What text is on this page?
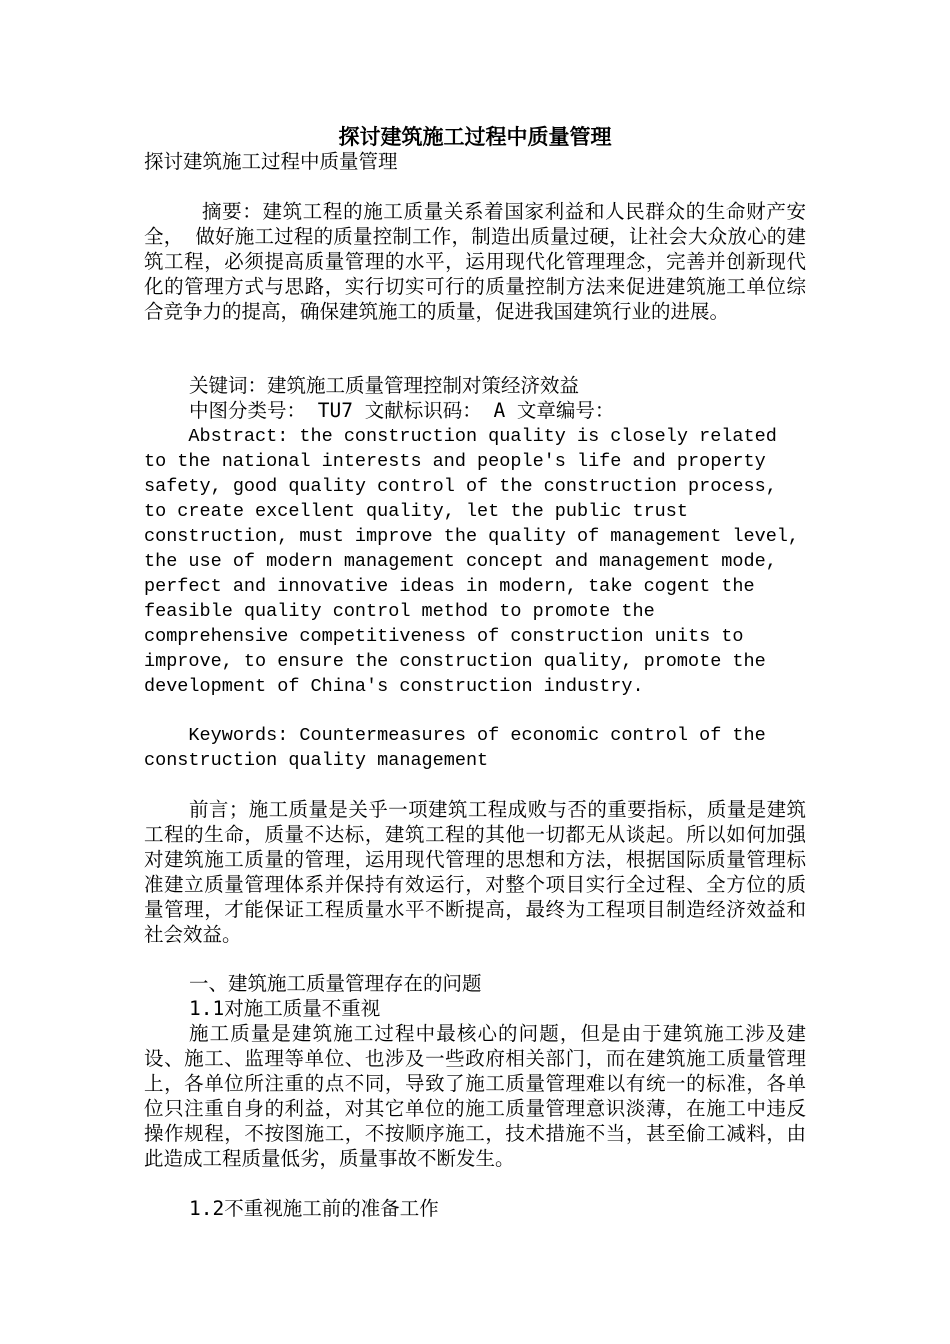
探讨建筑施工过程中质量管理

探讨建筑施工过程中质量管理

摘要：建筑工程的施工质量关系着国家利益和人民群众的生命财产安全， 做好施工过程的质量控制工作，制造出质量过硬，让社会大众放心的建筑工程，必须提高质量管理的水平，运用现代化管理理念，完善并创新现代化的管理方式与思路，实行切实可行的质量控制方法来促进建筑施工单位综合竞争力的提高，确保建筑施工的质量，促进我国建筑行业的进展。

关键词：建筑施工质量管理控制对策经济效益

中图分类号： TU7 文献标识码： A 文章编号：

Abstract: the construction quality is closely related
to the national interests and people's life and property
safety, good quality control of the construction process,
to create excellent quality, let the public trust
construction, must improve the quality of management level,
the use of modern management concept and management mode,
perfect and innovative ideas in modern, take cogent the
feasible quality control method to promote the
comprehensive competitiveness of construction units to
improve, to ensure the construction quality, promote the
development of China's construction industry.

Keywords: Countermeasures of economic control of the
construction quality management

前言；施工质量是关乎一项建筑工程成败与否的重要指标，质量是建筑工程的生命，质量不达标，建筑工程的其他一切都无从谈起。所以如何加强对建筑施工质量的管理，运用现代管理的思想和方法，根据国际质量管理标准建立质量管理体系并保持有效运行，对整个项目实行全过程、全方位的质量管理，才能保证工程质量水平不断提高，最终为工程项目制造经济效益和社会效益。

一、建筑施工质量管理存在的问题

1.1对施工质量不重视

施工质量是建筑施工过程中最核心的问题，但是由于建筑施工涉及建设、施工、监理等单位、也涉及一些政府相关部门，而在建筑施工质量管理上，各单位所注重的点不同，导致了施工质量管理难以有统一的标准，各单位只注重自身的利益，对其它单位的施工质量管理意识淡薄，在施工中违反操作规程，不按图施工，不按顺序施工，技术措施不当，甚至偷工减料，由此造成工程质量低劣，质量事故不断发生。

1.2不重视施工前的准备工作
